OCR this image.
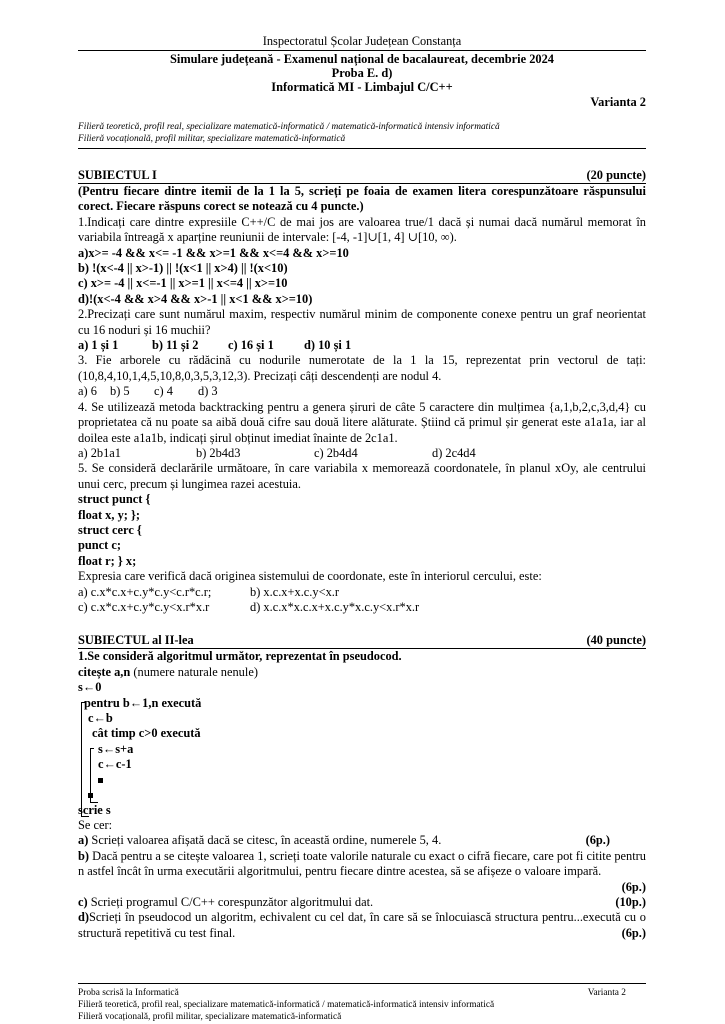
Inspectoratul Școlar Județean Constanța
Simulare județeană - Examenul național de bacalaureat, decembrie 2024
Proba E. d)
Informatică MI - Limbajul C/C++
Varianta 2
Filieră teoretică, profil real, specializare matematică-informatică / matematică-informatică intensiv informatică
Filieră vocațională, profil militar, specializare matematică-informatică
SUBIECTUL I	(20 puncte)
(Pentru fiecare dintre itemii de la 1 la 5, scrieți pe foaia de examen litera corespunzătoare răspunsului corect. Fiecare răspuns corect se notează cu 4 puncte.)
1.Indicați care dintre expresiile C++/C de mai jos are valoarea true/1 dacă și numai dacă numărul memorat în variabila întreagă x aparține reuniunii de intervale: [-4, -1]∪[1, 4] ∪[10, ∞).
a)x>= -4 && x<= -1 && x>=1 && x<=4 && x>=10
b) !(x<-4 || x>-1) || !(x<1 || x>4) || !(x<10)
c) x>= -4 || x<=-1 || x>=1 || x<=4 || x>=10
d)!(x<-4 && x>4 && x>-1 || x<1 && x>=10)
2.Precizați care sunt numărul maxim, respectiv numărul minim de componente conexe pentru un graf neorientat cu 16 noduri și 16 muchii?
a) 1 și 1	b) 11 și 2	c) 16 și 1	d) 10 și 1
3. Fie arborele cu rădăcină cu nodurile numerotate de la 1 la 15, reprezentat prin vectorul de tați: (10,8,4,10,1,4,5,10,8,0,3,5,3,12,3). Precizați câți descendenți are nodul 4.
a) 6	b) 5	c) 4	d) 3
4. Se utilizează metoda backtracking pentru a genera șiruri de câte 5 caractere din mulțimea {a,1,b,2,c,3,d,4} cu proprietatea că nu poate sa aibă două cifre sau două litere alăturate. Știind că primul șir generat este a1a1a, iar al doilea este a1a1b, indicați șirul obținut imediat înainte de 2c1a1.
a) 2b1a1	b) 2b4d3	c) 2b4d4	d) 2c4d4
5. Se consideră declarările următoare, în care variabila x memorează coordonatele, în planul xOy, ale centrului unui cerc, precum și lungimea razei acestuia.
struct punct {
float x, y; };
struct cerc {
punct c;
float r; } x;
Expresia care verifică dacă originea sistemului de coordonate, este în interiorul cercului, este:
a) c.x*c.x+c.y*c.y<c.r*c.r;	b) x.c.x+x.c.y<x.r
c) c.x*c.x+c.y*c.y<x.r*x.r	d) x.c.x*x.c.x+x.c.y*x.c.y<x.r*x.r
SUBIECTUL al II-lea	(40 puncte)
1.Se consideră algoritmul următor, reprezentat în pseudocod.
citește a,n (numere naturale nenule)
s←0
pentru b←1,n execută
c←b
cât timp c>0 execută
s←s+a
c←c-1
scrie s
Se cer:
a) Scrieți valoarea afișată dacă se citesc, în această ordine, numerele 5, 4.	(6p.)
b) Dacă pentru a se citește valoarea 1, scrieți toate valorile naturale cu exact o cifră fiecare, care pot fi citite pentru n astfel încât în urma executării algoritmului, pentru fiecare dintre acestea, să se afișeze o valoare impară.
(6p.)
c) Scrieți programul C/C++ corespunzător algoritmului dat.	(10p.)
d)Scrieți în pseudocod un algoritm, echivalent cu cel dat, în care să se înlocuiască structura pentru...execută cu o structură repetitivă cu test final.	(6p.)
Proba scrisă la Informatică	Varianta 2
Filieră teoretică, profil real, specializare matematică-informatică / matematică-informatică intensiv informatică
Filieră vocațională, profil militar, specializare matematică-informatică
